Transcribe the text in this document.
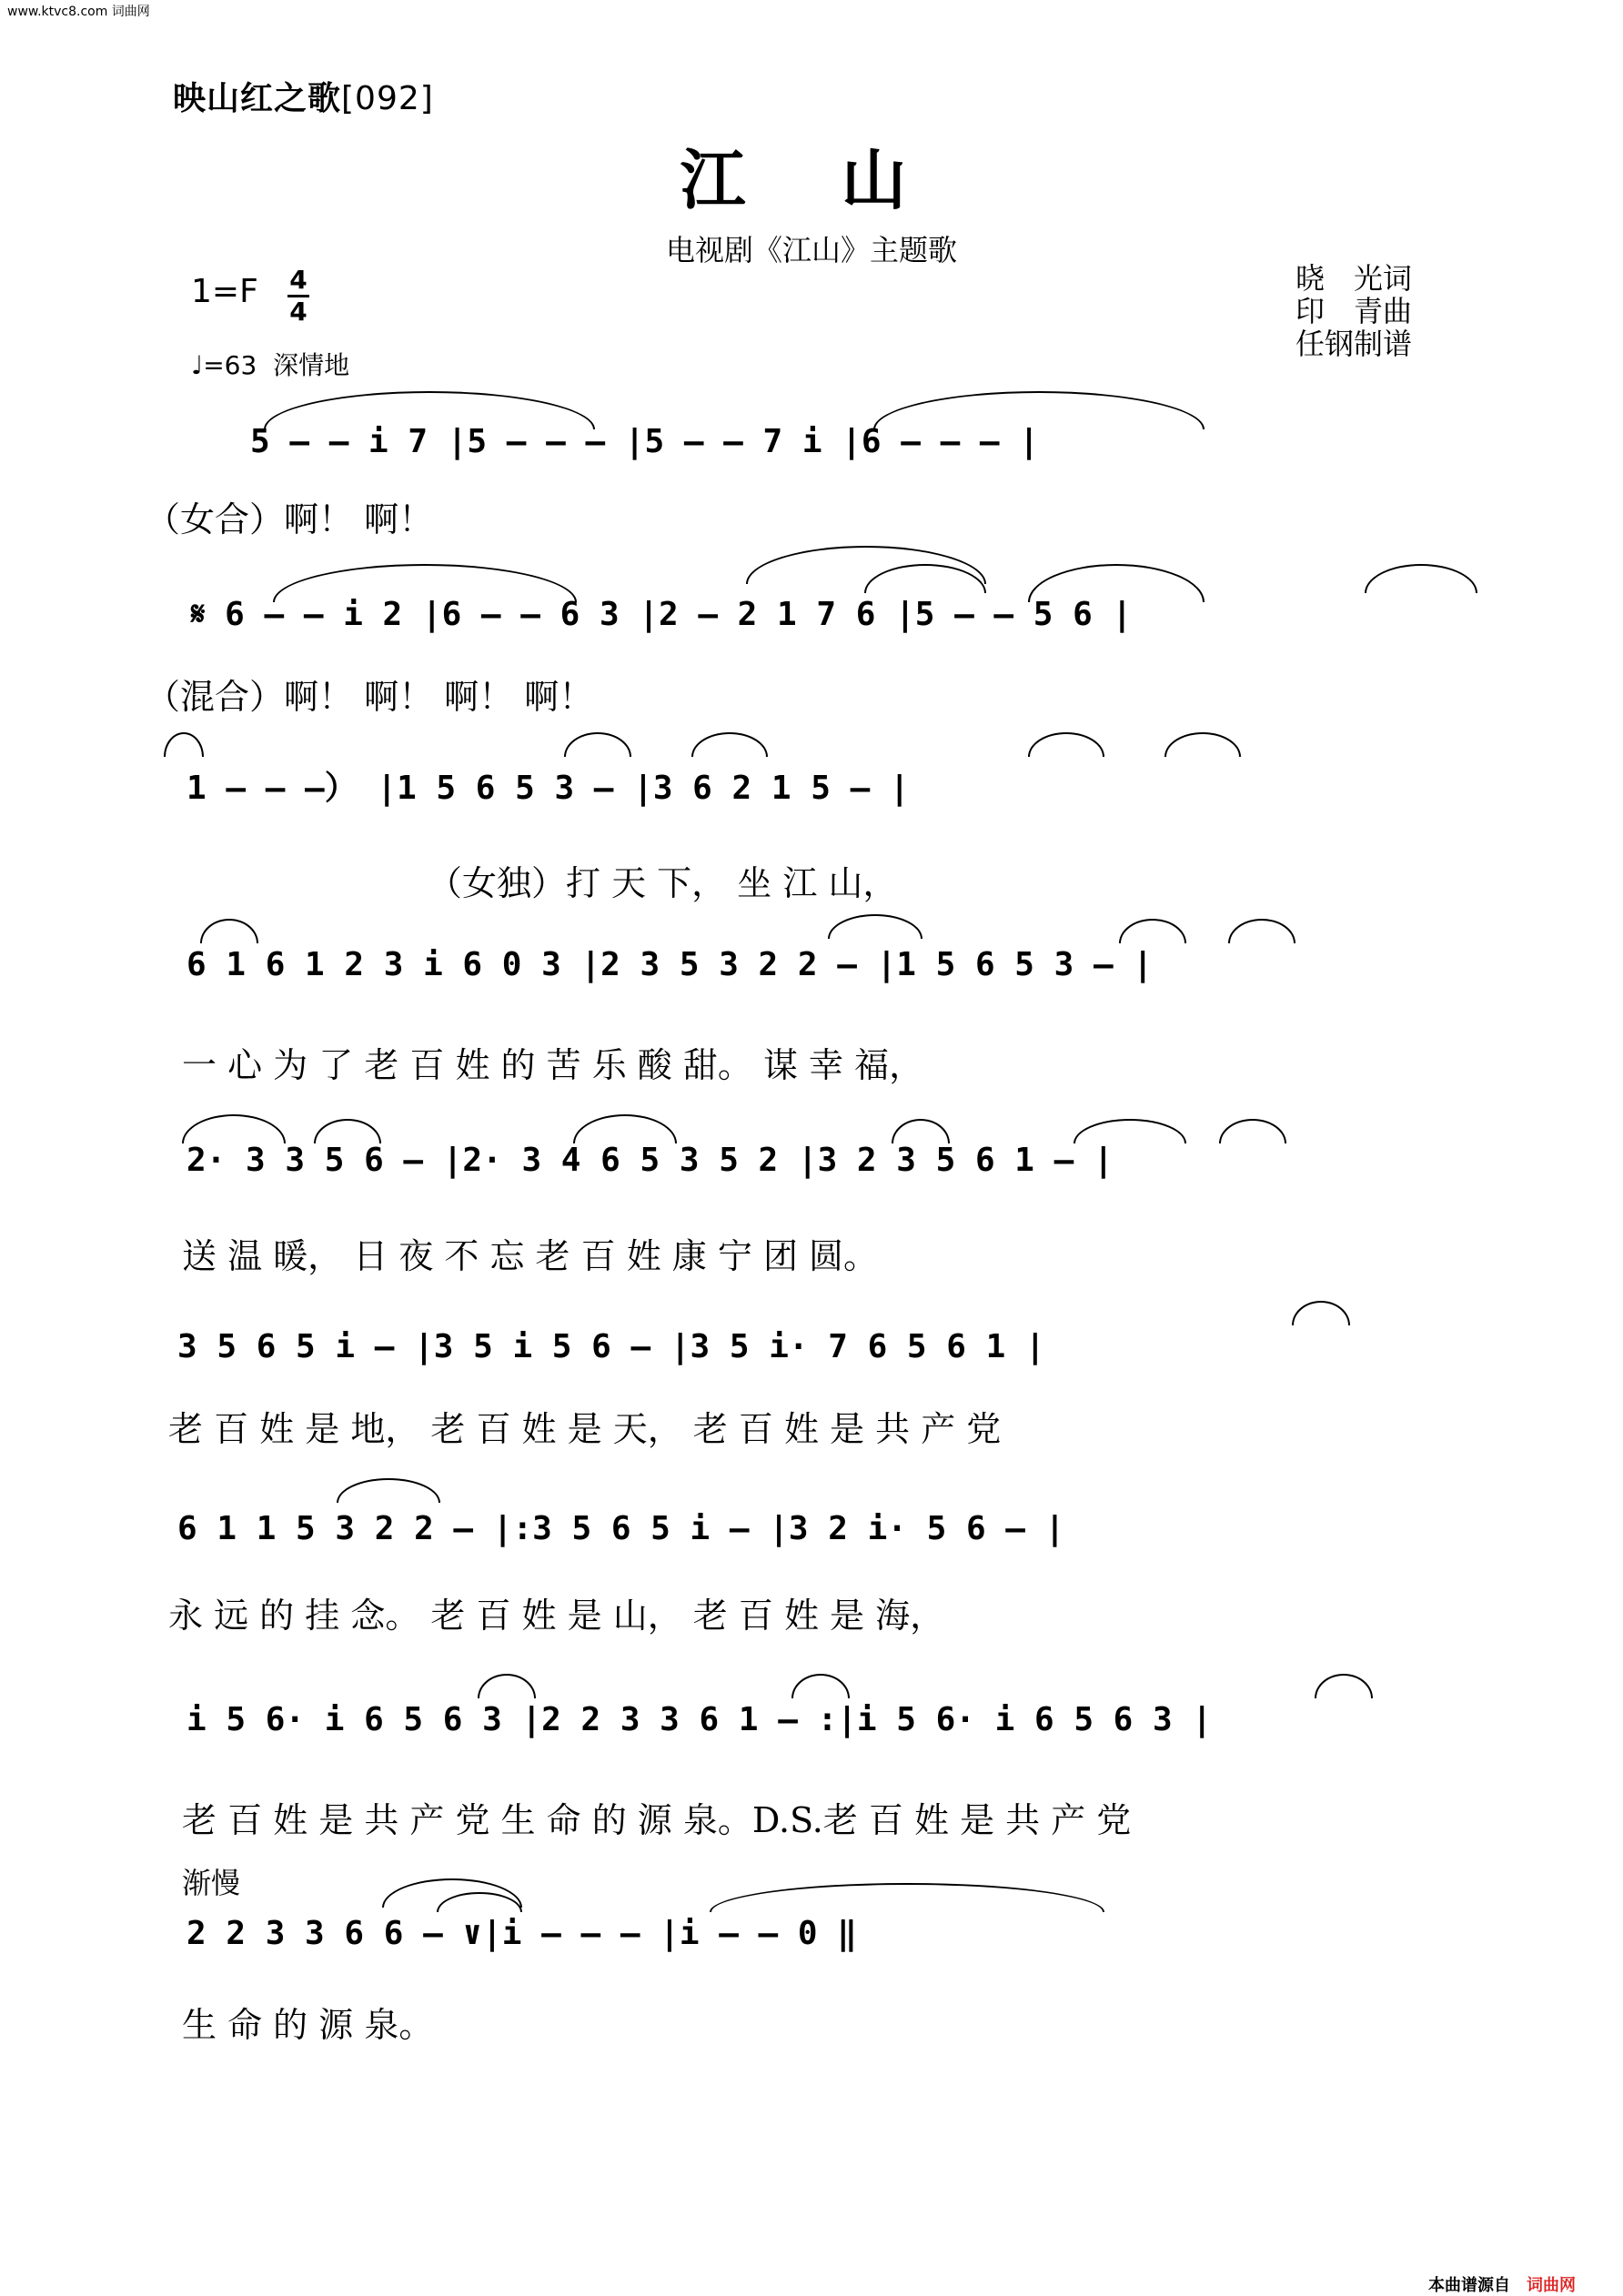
www.ktvc8.com 词曲网
映山红之歌[092]
江 山
电视剧《江山》主题歌
1=F 4
4
♩=63 深情地
晓　光词
印　青曲
任钢制谱
5 – – i 7 |5 – – – |5 – – 7 i |6 – – – |
（女合）啊！ 啊！
𝄋 6 – – i 2 |6 – – 6 3 |2 – 2 1 7 6 |5 – – 5 6 |
（混合）啊！ 啊！ 啊！ 啊！
1 – – –） |1 5 6 5 3 – |3 6 2 1 5 – |
（女独）打 天 下， 坐 江 山，
6 1 6 1 2 3 i 6 0 3 |2 3 5 3 2 2 – |1 5 6 5 3 – |
一 心 为 了 老 百 姓 的 苦 乐 酸 甜。 谋 幸 福，
2· 3 3 5 6 – |2· 3 4 6 5 3 5 2 |3 2 3 5 6 1 – |
送 温 暖， 日 夜 不 忘 老 百 姓 康 宁 团 圆。
3 5 6 5 i – |3 5 i 5 6 – |3 5 i· 7 6 5 6 1 |
老 百 姓 是 地， 老 百 姓 是 天， 老 百 姓 是 共 产 党
6 1 1 5 3 2 2 – |:3 5 6 5 i – |3 2 i· 5 6 – |
永 远 的 挂 念。 老 百 姓 是 山， 老 百 姓 是 海，
i 5 6· i 6 5 6 3 |2 2 3 3 6 1 – :|i 5 6· i 6 5 6 3 |
老 百 姓 是 共 产 党 生 命 的 源 泉。D.S.老 百 姓 是 共 产 党
渐慢
2 2 3 3 6 6 – ∨|i – – – |i – – 0 ‖
生 命 的 源 泉。
本曲谱源自 词曲网
